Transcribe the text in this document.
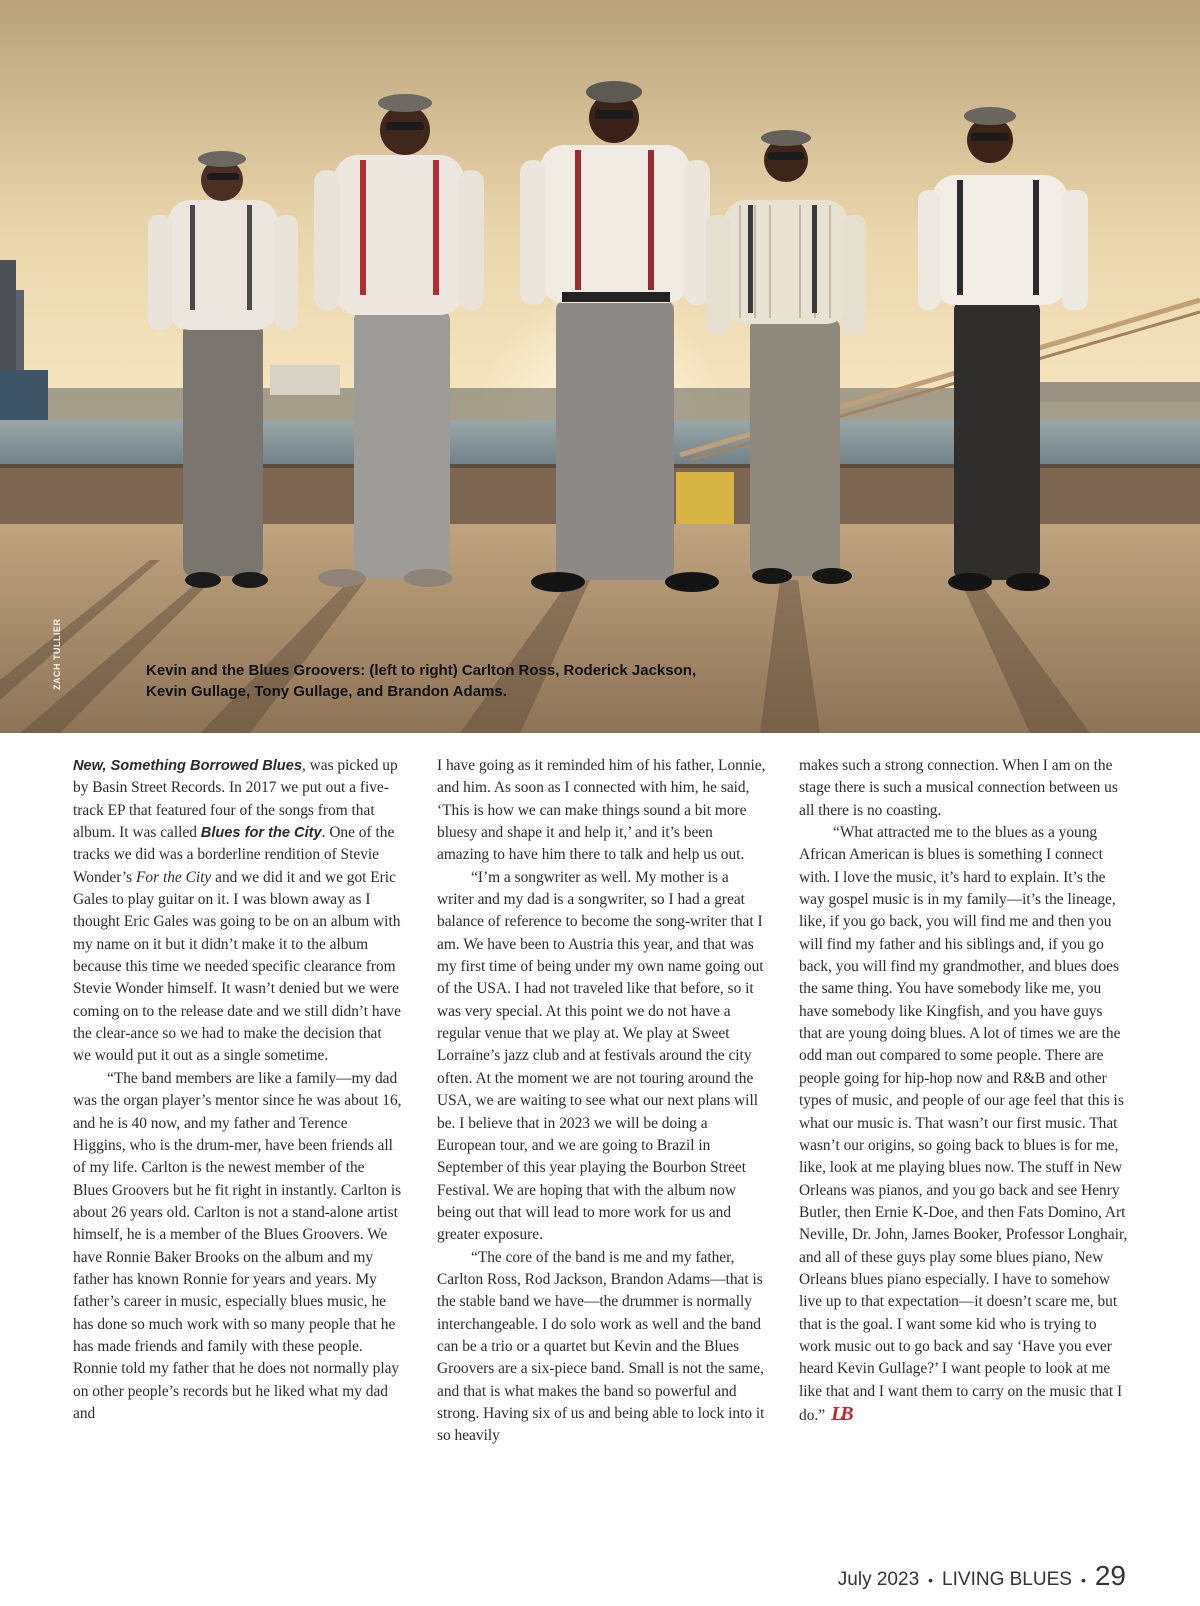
ZACH TULLIER	Kevin and the Blues Groovers: (left to right) Carlton Ross, Roderick Jackson,
Kevin Gullage, Tony Gullage, and Brandon Adams.

New, Something Borrowed Blues, was picked up by Basin Street Records. In 2017 we put out a five-track EP that featured four of the songs from that album. It was called Blues for the City. One of the tracks we did was a borderline rendition of Stevie Wonder’s For the City and we did it and we got Eric Gales to play guitar on it. I was blown away as I thought Eric Gales was going to be on an album with my name on it but it didn’t make it to the album because this time we needed specific clearance from Stevie Wonder himself. It wasn’t denied but we were coming on to the release date and we still didn’t have the clear-ance so we had to make the decision that we would put it out as a single sometime.

“The band members are like a family—my dad was the organ player’s mentor since he was about 16, and he is 40 now, and my father and Terence Higgins, who is the drum-mer, have been friends all of my life. Carlton is the newest member of the Blues Groovers but he fit right in instantly. Carlton is about 26 years old. Carlton is not a stand-alone artist himself, he is a member of the Blues Groovers. We have Ronnie Baker Brooks on the album and my father has known Ronnie for years and years. My father’s career in music, especially blues music, he has done so much work with so many people that he has made friends and family with these people. Ronnie told my father that he does not normally play on other people’s records but he liked what my dad and

I have going as it reminded him of his father, Lonnie, and him. As soon as I connected with him, he said, ‘This is how we can make things sound a bit more bluesy and shape it and help it,’ and it’s been amazing to have him there to talk and help us out.

“I’m a songwriter as well. My mother is a writer and my dad is a songwriter, so I had a great balance of reference to become the song-writer that I am. We have been to Austria this year, and that was my first time of being under my own name going out of the USA. I had not traveled like that before, so it was very special. At this point we do not have a regular venue that we play at. We play at Sweet Lorraine’s jazz club and at festivals around the city often. At the moment we are not touring around the USA, we are waiting to see what our next plans will be. I believe that in 2023 we will be doing a European tour, and we are going to Brazil in September of this year playing the Bourbon Street Festival. We are hoping that with the album now being out that will lead to more work for us and greater exposure.

“The core of the band is me and my father, Carlton Ross, Rod Jackson, Brandon Adams—that is the stable band we have—the drummer is normally interchangeable. I do solo work as well and the band can be a trio or a quartet but Kevin and the Blues Groovers are a six-piece band. Small is not the same, and that is what makes the band so powerful and strong. Having six of us and being able to lock into it so heavily

makes such a strong connection. When I am on the stage there is such a musical connection between us all there is no coasting.

“What attracted me to the blues as a young African American is blues is something I connect with. I love the music, it’s hard to explain. It’s the way gospel music is in my family—it’s the lineage, like, if you go back, you will find me and then you will find my father and his siblings and, if you go back, you will find my grandmother, and blues does the same thing. You have somebody like me, you have somebody like Kingfish, and you have guys that are young doing blues. A lot of times we are the odd man out compared to some people. There are people going for hip-hop now and R&B and other types of music, and people of our age feel that this is what our music is. That wasn’t our first music. That wasn’t our origins, so going back to blues is for me, like, look at me playing blues now. The stuff in New Orleans was pianos, and you go back and see Henry Butler, then Ernie K-Doe, and then Fats Domino, Art Neville, Dr. John, James Booker, Professor Longhair, and all of these guys play some blues piano, New Orleans blues piano especially. I have to somehow live up to that expectation—it doesn’t scare me, but that is the goal. I want some kid who is trying to work music out to go back and say ‘Have you ever heard Kevin Gullage?’ I want people to look at me like that and I want them to carry on the music that I do.” LB

July 2023 • LIVING BLUES • 29
